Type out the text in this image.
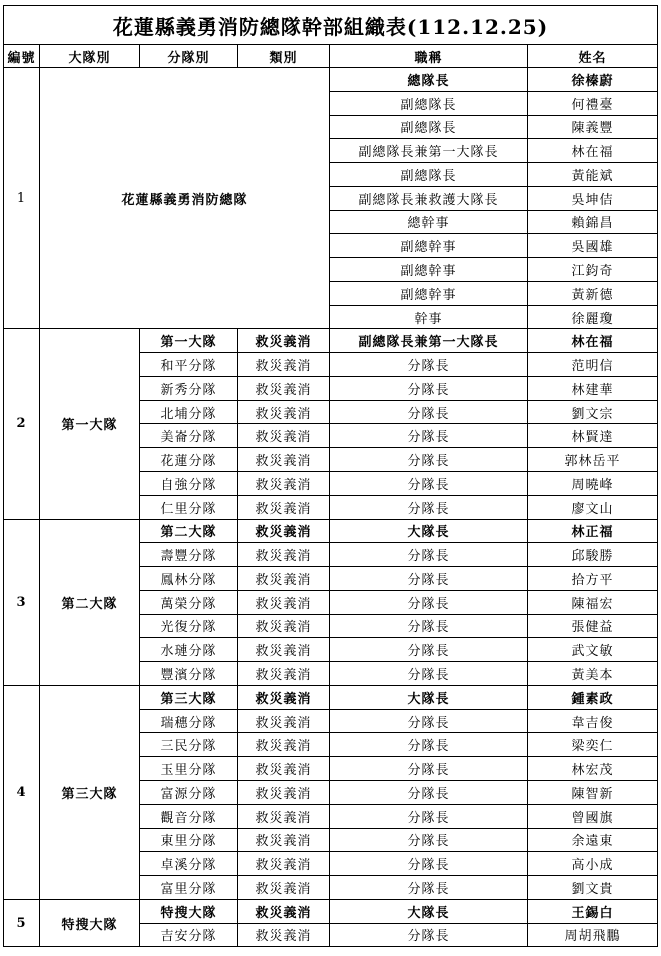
花蓮縣義勇消防總隊幹部組織表(112.12.25)					
編號	大隊別	分隊別	類別	職稱	姓名
1	花蓮縣義勇消防總隊			總隊長	徐榛蔚
				副總隊長	何禮臺
				副總隊長	陳義豐
				副總隊長兼第一大隊長	林在福
				副總隊長	黃能斌
				副總隊長兼救護大隊長	吳坤佶
				總幹事	賴錦昌
				副總幹事	吳國雄
				副總幹事	江鈞奇
				副總幹事	黃新德
				幹事	徐麗瓊
2	第一大隊	第一大隊	救災義消	副總隊長兼第一大隊長	林在福
		和平分隊	救災義消	分隊長	范明信
		新秀分隊	救災義消	分隊長	林建華
		北埔分隊	救災義消	分隊長	劉文宗
		美崙分隊	救災義消	分隊長	林賢達
		花蓮分隊	救災義消	分隊長	郭林岳平
		自強分隊	救災義消	分隊長	周曉峰
		仁里分隊	救災義消	分隊長	廖文山
3	第二大隊	第二大隊	救災義消	大隊長	林正福
		壽豐分隊	救災義消	分隊長	邱駿勝
		鳳林分隊	救災義消	分隊長	拾方平
		萬榮分隊	救災義消	分隊長	陳福宏
		光復分隊	救災義消	分隊長	張健益
		水璉分隊	救災義消	分隊長	武文敏
		豐濱分隊	救災義消	分隊長	黃美本
4	第三大隊	第三大隊	救災義消	大隊長	鍾素政
		瑞穗分隊	救災義消	分隊長	韋吉俊
		三民分隊	救災義消	分隊長	梁奕仁
		玉里分隊	救災義消	分隊長	林宏茂
		富源分隊	救災義消	分隊長	陳智新
		觀音分隊	救災義消	分隊長	曾國旗
		東里分隊	救災義消	分隊長	余遠東
		卓溪分隊	救災義消	分隊長	高小成
		富里分隊	救災義消	分隊長	劉文貴
5	特搜大隊	特搜大隊	救災義消	大隊長	王錫白
		吉安分隊	救災義消	分隊長	周胡飛鵬
